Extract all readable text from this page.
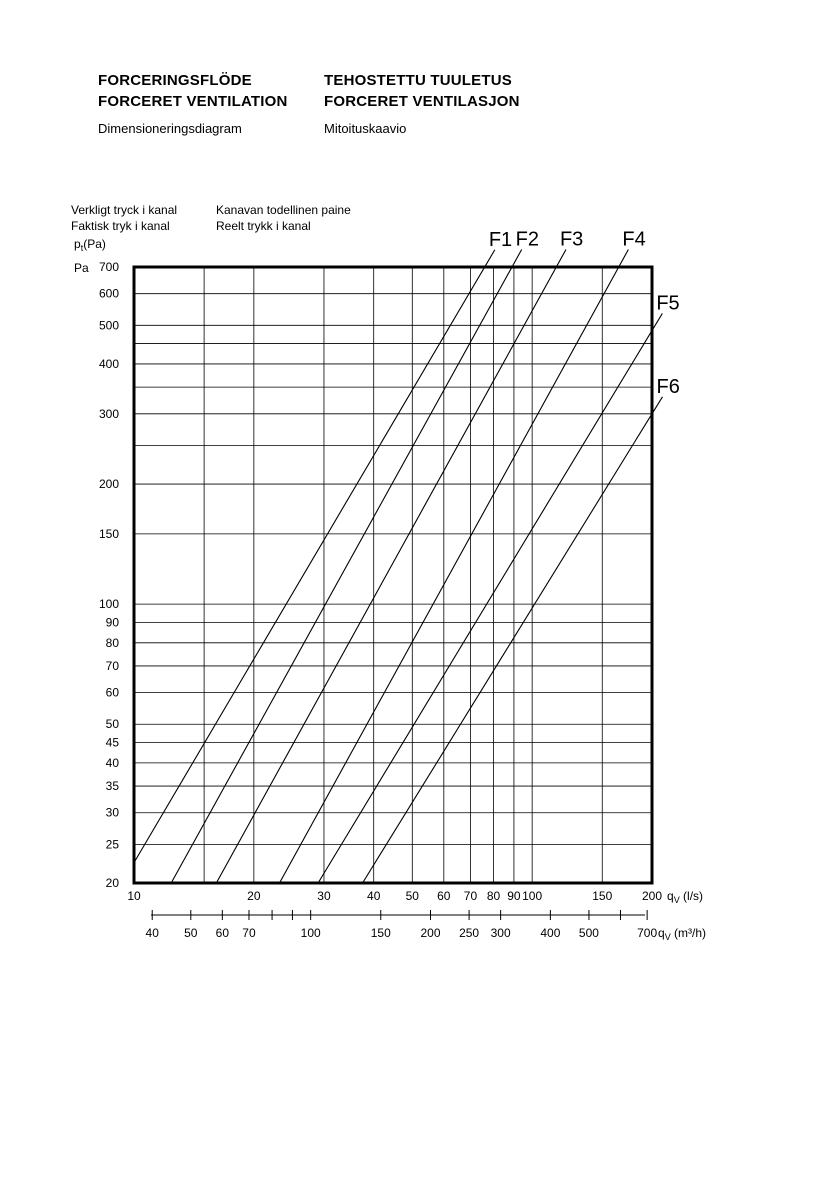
FORCERINGSFLÖDE
FORCERET VENTILATION
Dimensioneringsdiagram
TEHOSTETTU TUULETUS
FORCERET VENTILASJON
Mitoituskaavio
Verkligt tryck i kanal
Faktisk tryk i kanal
Kanavan todellinen paine
Reelt trykk i kanal
$p_t(Pa)$
Pa
F1 F2 F3 F4
F5
F6
20
25
30
35
40
45
50
60
70
80
90
100
150
200
300
400
500
600
700
10	20	30	40 50 60 70 80 90 100	150 200 $q_V$ (l/s)
40 50 60 70	100	150 200 250 300 400 500	700 $q_V$ (m³/h)
